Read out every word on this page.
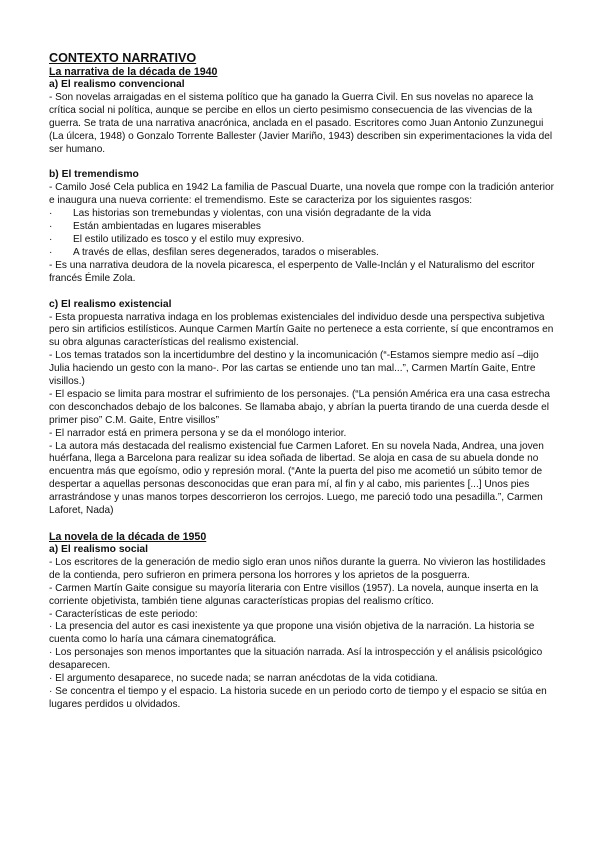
CONTEXTO NARRATIVO

La narrativa de la década de 1940

a) El realismo convencional

- Son novelas arraigadas en el sistema político que ha ganado la Guerra Civil. En sus novelas no aparece la crítica social ni política, aunque se percibe en ellos un cierto pesimismo consecuencia de las vivencias de la guerra. Se trata de una narrativa anacrónica, anclada en el pasado. Escritores como Juan Antonio Zunzunegui (La úlcera, 1948) o Gonzalo Torrente Ballester (Javier Mariño, 1943) describen sin experimentaciones la vida del ser humano.

b) El tremendismo

- Camilo José Cela publica en 1942 La familia de Pascual Duarte, una novela que rompe con la tradición anterior e inaugura una nueva corriente: el tremendismo. Este se caracteriza por los siguientes rasgos:

·	Las historias son tremebundas y violentas, con una visión degradante de la vida
·	Están ambientadas en lugares miserables
·	El estilo utilizado es tosco y el estilo muy expresivo.
·	A través de ellas, desfilan seres degenerados, tarados o miserables.

- Es una narrativa deudora de la novela picaresca, el esperpento de Valle-Inclán y el Naturalismo del escritor francés Émile Zola.

c) El realismo existencial

- Esta propuesta narrativa indaga en los problemas existenciales del individuo desde una perspectiva subjetiva pero sin artificios estilísticos. Aunque Carmen Martín Gaite no pertenece a esta corriente, sí que encontramos en su obra algunas características del realismo existencial.

- Los temas tratados son la incertidumbre del destino y la incomunicación (“-Estamos siempre medio así –dijo Julia haciendo un gesto con la mano-. Por las cartas se entiende uno tan mal...”, Carmen Martín Gaite, Entre visillos.)

- El espacio se limita para mostrar el sufrimiento de los personajes. (“La pensión América era una casa estrecha con desconchados debajo de los balcones. Se llamaba abajo, y abrían la puerta tirando de una cuerda desde el primer piso” C.M. Gaite, Entre visillos”

- El narrador está en primera persona y se da el monólogo interior.

- La autora más destacada del realismo existencial fue Carmen Laforet. En su novela Nada, Andrea, una joven huérfana, llega a Barcelona para realizar su idea soñada de libertad. Se aloja en casa de su abuela donde no encuentra más que egoísmo, odio y represión moral. (“Ante la puerta del piso me acometió un súbito temor de despertar a aquellas personas desconocidas que eran para mí, al fin y al cabo, mis parientes [...] Unos pies arrastrándose y unas manos torpes descorrieron los cerrojos. Luego, me pareció todo una pesadilla.”, Carmen Laforet, Nada)

La novela de la década de 1950

a) El realismo social

- Los escritores de la generación de medio siglo eran unos niños durante la guerra. No vivieron las hostilidades de la contienda, pero sufrieron en primera persona los horrores y los aprietos de la posguerra.

- Carmen Martín Gaite consigue su mayoría literaria con Entre visillos (1957). La novela, aunque inserta en la corriente objetivista, también tiene algunas características propias del realismo crítico.

- Características de este periodo:

· La presencia del autor es casi inexistente ya que propone una visión objetiva de la narración. La historia se cuenta como lo haría una cámara cinematográfica.

· Los personajes son menos importantes que la situación narrada. Así la introspección y el análisis psicológico desaparecen.

· El argumento desaparece, no sucede nada; se narran anécdotas de la vida cotidiana.

· Se concentra el tiempo y el espacio. La historia sucede en un periodo corto de tiempo y el espacio se sitúa en lugares perdidos u olvidados.
